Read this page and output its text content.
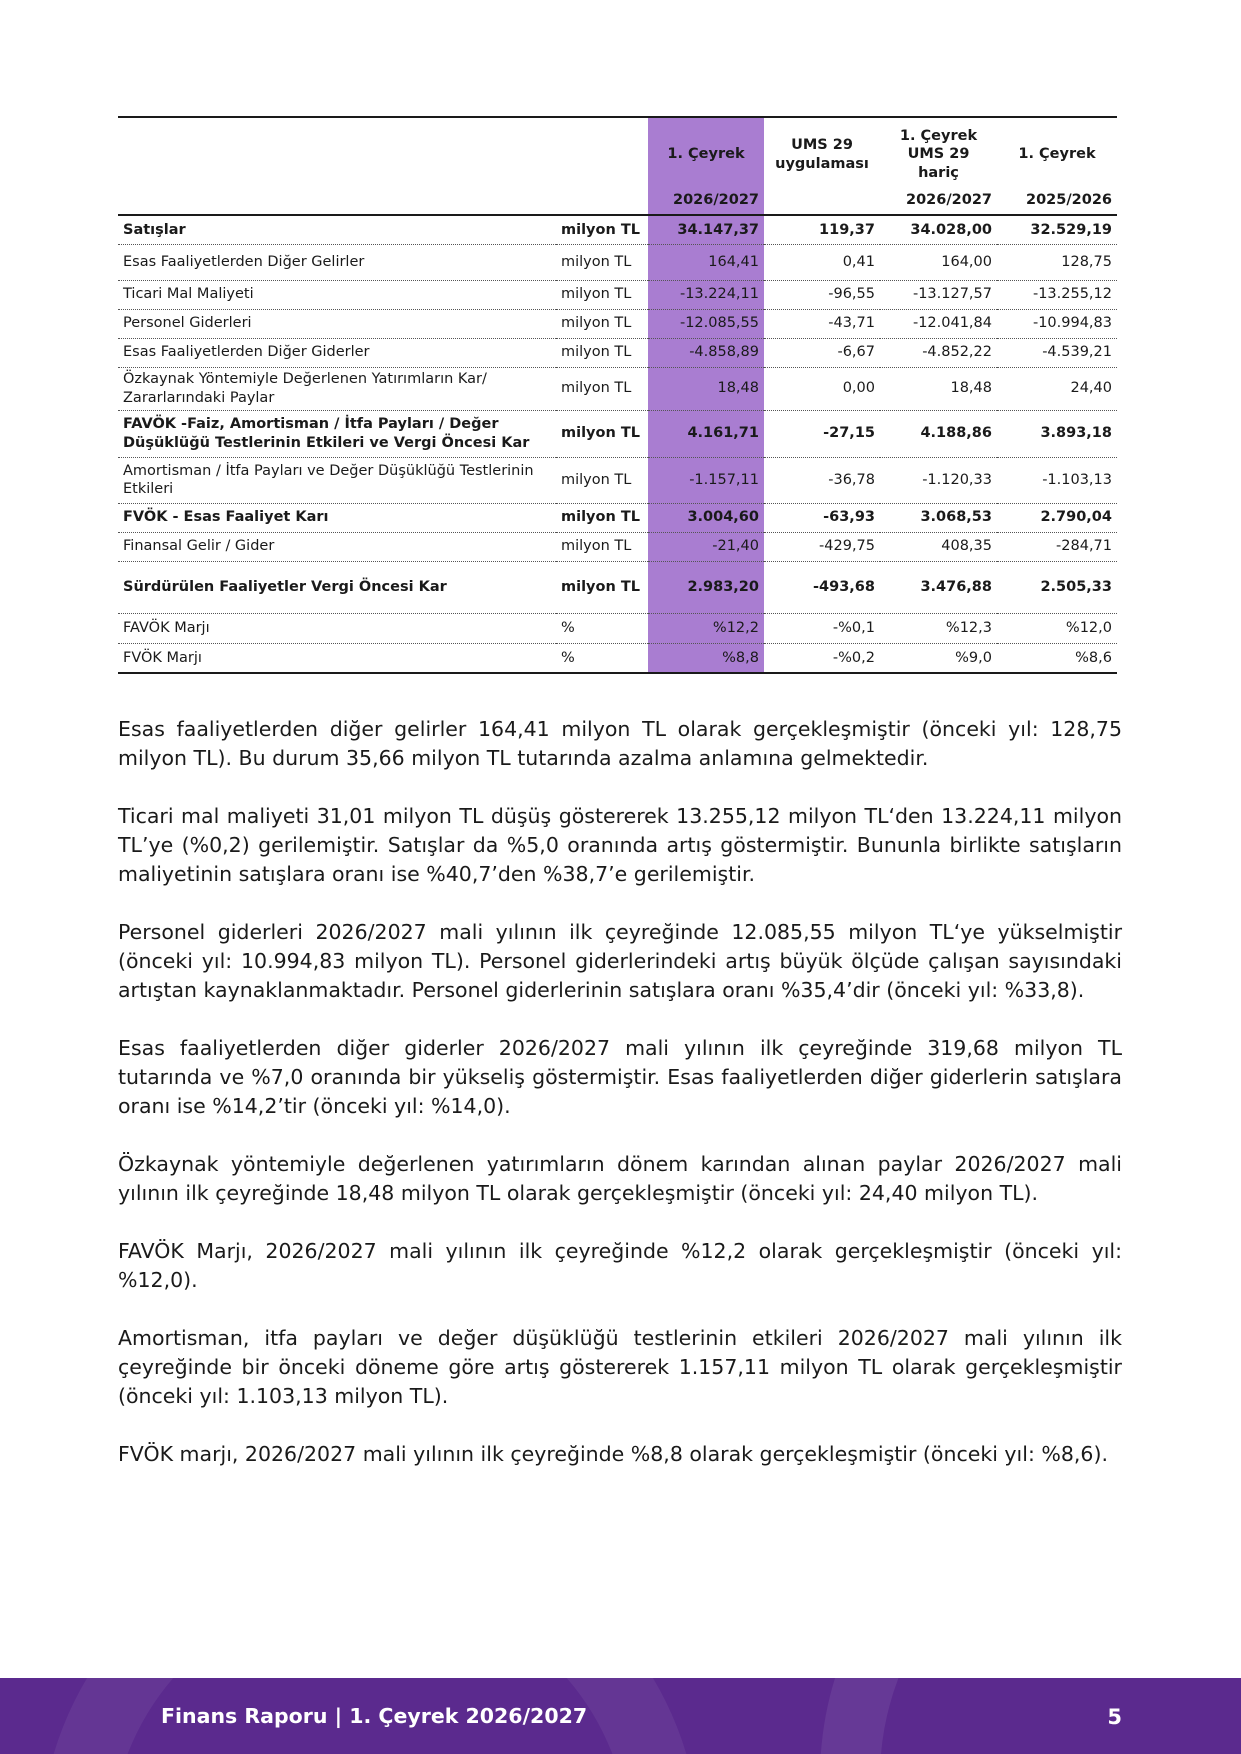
		1. Çeyrek	UMS 29 uygulaması	1. Çeyrek UMS 29 hariç	1. Çeyrek
		2026/2027		2026/2027	2025/2026
Satışlar	milyon TL	34.147,37	119,37	34.028,00	32.529,19
Esas Faaliyetlerden Diğer Gelirler	milyon TL	164,41	0,41	164,00	128,75
Ticari Mal Maliyeti	milyon TL	-13.224,11	-96,55	-13.127,57	-13.255,12
Personel Giderleri	milyon TL	-12.085,55	-43,71	-12.041,84	-10.994,83
Esas Faaliyetlerden Diğer Giderler	milyon TL	-4.858,89	-6,67	-4.852,22	-4.539,21
Özkaynak Yöntemiyle Değerlenen Yatırımların Kar/ Zararlarındaki Paylar	milyon TL	18,48	0,00	18,48	24,40
FAVÖK -Faiz, Amortisman / İtfa Payları / Değer Düşüklüğü Testlerinin Etkileri ve Vergi Öncesi Kar	milyon TL	4.161,71	-27,15	4.188,86	3.893,18
Amortisman / İtfa Payları ve Değer Düşüklüğü Testlerinin Etkileri	milyon TL	-1.157,11	-36,78	-1.120,33	-1.103,13
FVÖK - Esas Faaliyet Karı	milyon TL	3.004,60	-63,93	3.068,53	2.790,04
Finansal Gelir / Gider	milyon TL	-21,40	-429,75	408,35	-284,71
Sürdürülen Faaliyetler Vergi Öncesi Kar	milyon TL	2.983,20	-493,68	3.476,88	2.505,33
FAVÖK Marjı	%	%12,2	-%0,1	%12,3	%12,0
FVÖK Marjı	%	%8,8	-%0,2	%9,0	%8,6

Esas faaliyetlerden diğer gelirler 164,41 milyon TL olarak gerçekleşmiştir (önceki yıl: 128,75 milyon TL). Bu durum 35,66 milyon TL tutarında azalma anlamına gelmektedir.

Ticari mal maliyeti 31,01 milyon TL düşüş göstererek 13.255,12 milyon TL‘den 13.224,11 milyon TL’ye (%0,2) gerilemiştir. Satışlar da %5,0 oranında artış göstermiştir. Bununla birlikte satışların maliyetinin satışlara oranı ise %40,7’den %38,7’e gerilemiştir.

Personel giderleri 2026/2027 mali yılının ilk çeyreğinde 12.085,55 milyon TL‘ye yükselmiştir (önceki yıl: 10.994,83 milyon TL). Personel giderlerindeki artış büyük ölçüde çalışan sayısındaki artıştan kaynaklanmaktadır. Personel giderlerinin satışlara oranı %35,4’dir (önceki yıl: %33,8).

Esas faaliyetlerden diğer giderler 2026/2027 mali yılının ilk çeyreğinde 319,68 milyon TL tutarında ve %7,0 oranında bir yükseliş göstermiştir. Esas faaliyetlerden diğer giderlerin satışlara oranı ise %14,2’tir (önceki yıl: %14,0).

Özkaynak yöntemiyle değerlenen yatırımların dönem karından alınan paylar 2026/2027 mali yılının ilk çeyreğinde 18,48 milyon TL olarak gerçekleşmiştir (önceki yıl: 24,40 milyon TL).

FAVÖK Marjı, 2026/2027 mali yılının ilk çeyreğinde %12,2 olarak gerçekleşmiştir (önceki yıl: %12,0).

Amortisman, itfa payları ve değer düşüklüğü testlerinin etkileri 2026/2027 mali yılının ilk çeyreğinde bir önceki döneme göre artış göstererek 1.157,11 milyon TL olarak gerçekleşmiştir (önceki yıl: 1.103,13 milyon TL).

FVÖK marjı, 2026/2027 mali yılının ilk çeyreğinde %8,8 olarak gerçekleşmiştir (önceki yıl: %8,6).

Finans Raporu | 1. Çeyrek 2026/2027	5
